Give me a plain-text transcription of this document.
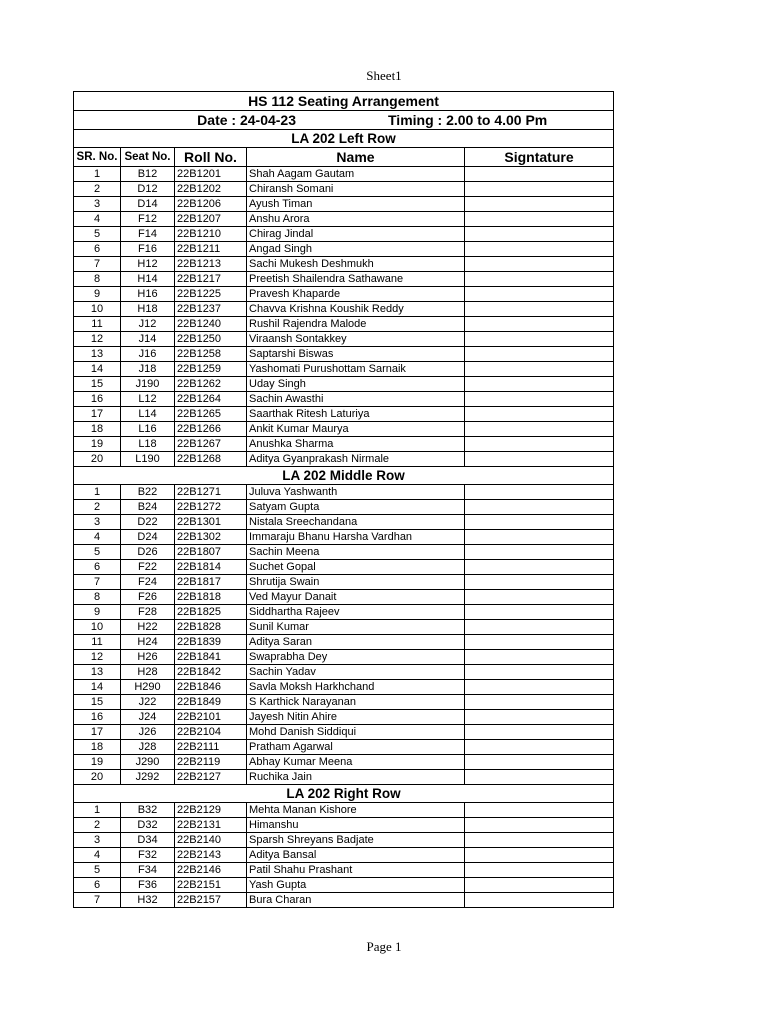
Sheet1
HS 112 Seating Arrangement				
Date : 24-04-23 Timing : 2.00 to 4.00 Pm				
LA 202 Left Row				
SR. No.	Seat No.	Roll No.	Name	Signtature
1	B12	22B1201	Shah Aagam Gautam	
2	D12	22B1202	Chiransh Somani	
3	D14	22B1206	Ayush Timan	
4	F12	22B1207	Anshu Arora	
5	F14	22B1210	Chirag Jindal	
6	F16	22B1211	Angad Singh	
7	H12	22B1213	Sachi Mukesh Deshmukh	
8	H14	22B1217	Preetish Shailendra Sathawane	
9	H16	22B1225	Pravesh Khaparde	
10	H18	22B1237	Chavva Krishna Koushik Reddy	
11	J12	22B1240	Rushil Rajendra Malode	
12	J14	22B1250	Viraansh Sontakkey	
13	J16	22B1258	Saptarshi Biswas	
14	J18	22B1259	Yashomati Purushottam Sarnaik	
15	J190	22B1262	Uday Singh	
16	L12	22B1264	Sachin Awasthi	
17	L14	22B1265	Saarthak Ritesh Laturiya	
18	L16	22B1266	Ankit Kumar Maurya	
19	L18	22B1267	Anushka Sharma	
20	L190	22B1268	Aditya Gyanprakash Nirmale	
LA 202 Middle Row				
1	B22	22B1271	Juluva Yashwanth	
2	B24	22B1272	Satyam Gupta	
3	D22	22B1301	Nistala Sreechandana	
4	D24	22B1302	Immaraju Bhanu Harsha Vardhan	
5	D26	22B1807	Sachin Meena	
6	F22	22B1814	Suchet Gopal	
7	F24	22B1817	Shrutija Swain	
8	F26	22B1818	Ved Mayur Danait	
9	F28	22B1825	Siddhartha Rajeev	
10	H22	22B1828	Sunil Kumar	
11	H24	22B1839	Aditya Saran	
12	H26	22B1841	Swaprabha Dey	
13	H28	22B1842	Sachin Yadav	
14	H290	22B1846	Savla Moksh Harkhchand	
15	J22	22B1849	S Karthick Narayanan	
16	J24	22B2101	Jayesh Nitin Ahire	
17	J26	22B2104	Mohd Danish Siddiqui	
18	J28	22B2111	Pratham Agarwal	
19	J290	22B2119	Abhay Kumar Meena	
20	J292	22B2127	Ruchika Jain	
LA 202 Right Row				
1	B32	22B2129	Mehta Manan Kishore	
2	D32	22B2131	Himanshu	
3	D34	22B2140	Sparsh Shreyans Badjate	
4	F32	22B2143	Aditya Bansal	
5	F34	22B2146	Patil Shahu Prashant	
6	F36	22B2151	Yash Gupta	
7	H32	22B2157	Bura Charan	
Page 1
